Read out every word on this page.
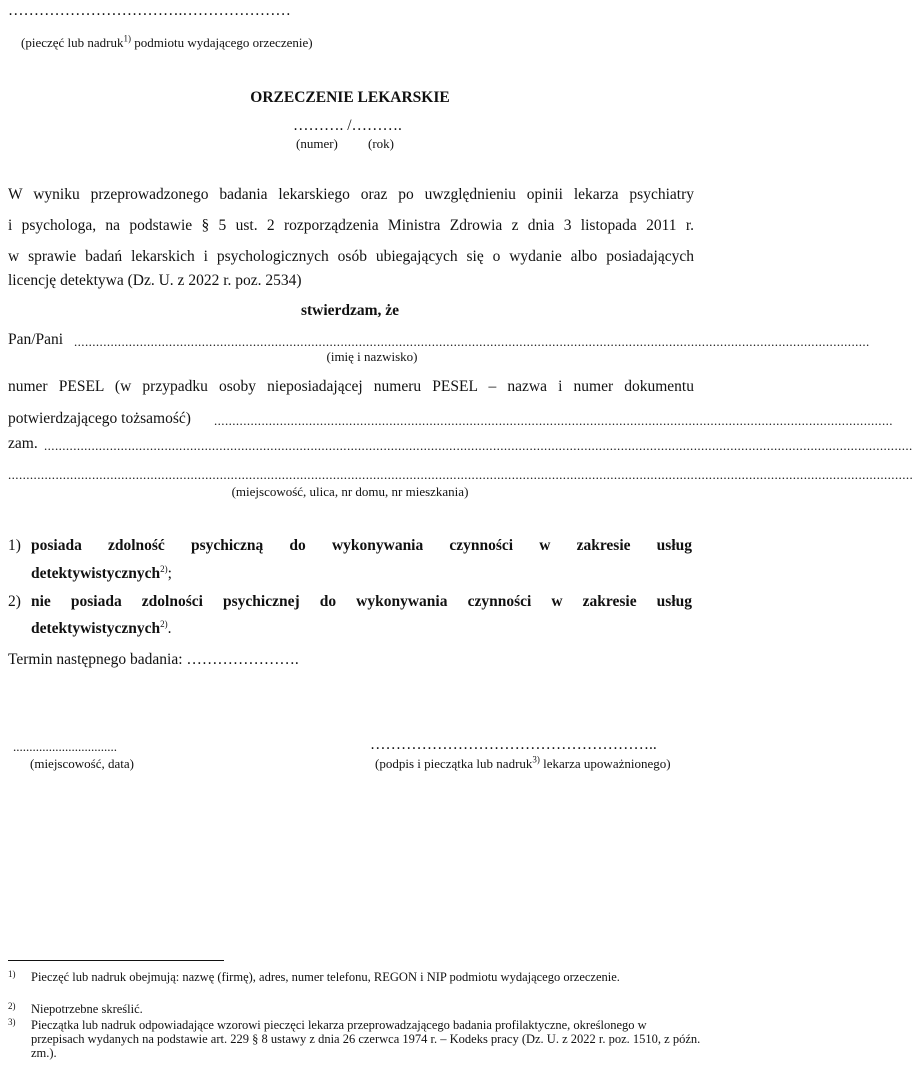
…………………………….…………………
(pieczęć lub nadruk$^{1)}$ podmiotu wydającego orzeczenie)
ORZECZENIE LEKARSKIE
………. /……….
(numer) (rok)
W wyniku przeprowadzonego badania lekarskiego oraz po uwzględnieniu opinii lekarza psychiatry
i psychologa, na podstawie § 5 ust. 2 rozporządzenia Ministra Zdrowia z dnia 3 listopada 2011 r.
w sprawie badań lekarskich i psychologicznych osób ubiegających się o wydanie albo posiadających
licencję detektywa (Dz. U. z 2022 r. poz. 2534)
stwierdzam, że
Pan/Pani ..........................................................................................................................................................................................................................
(imię i nazwisko)
numer PESEL (w przypadku osoby nieposiadającej numeru PESEL – nazwa i numer dokumentu
potwierdzającego tożsamość) ..........................................................................................................................................................................................
zam. ..............................................................................................................................................................................................................................................
........................................................................................................................................................................................................................................................
(miejscowość, ulica, nr domu, nr mieszkania)
1) posiada zdolność psychiczną do wykonywania czynności w zakresie usług
detektywistycznych$^{2)}$;
2) nie posiada zdolności psychicznej do wykonywania czynności w zakresie usług
detektywistycznych$^{2)}$.
Termin następnego badania: ………………….
................................
(miejscowość, data)
………………………………………………..
(podpis i pieczątka lub nadruk$^{3)}$ lekarza upoważnionego)
1) Pieczęć lub nadruk obejmują: nazwę (firmę), adres, numer telefonu, REGON i NIP podmiotu wydającego orzeczenie.
2) Niepotrzebne skreślić.
3) Pieczątka lub nadruk odpowiadające wzorowi pieczęci lekarza przeprowadzającego badania profilaktyczne, określonego w przepisach wydanych na podstawie art. 229 § 8 ustawy z dnia 26 czerwca 1974 r. – Kodeks pracy (Dz. U. z 2022 r. poz. 1510, z późn. zm.).
